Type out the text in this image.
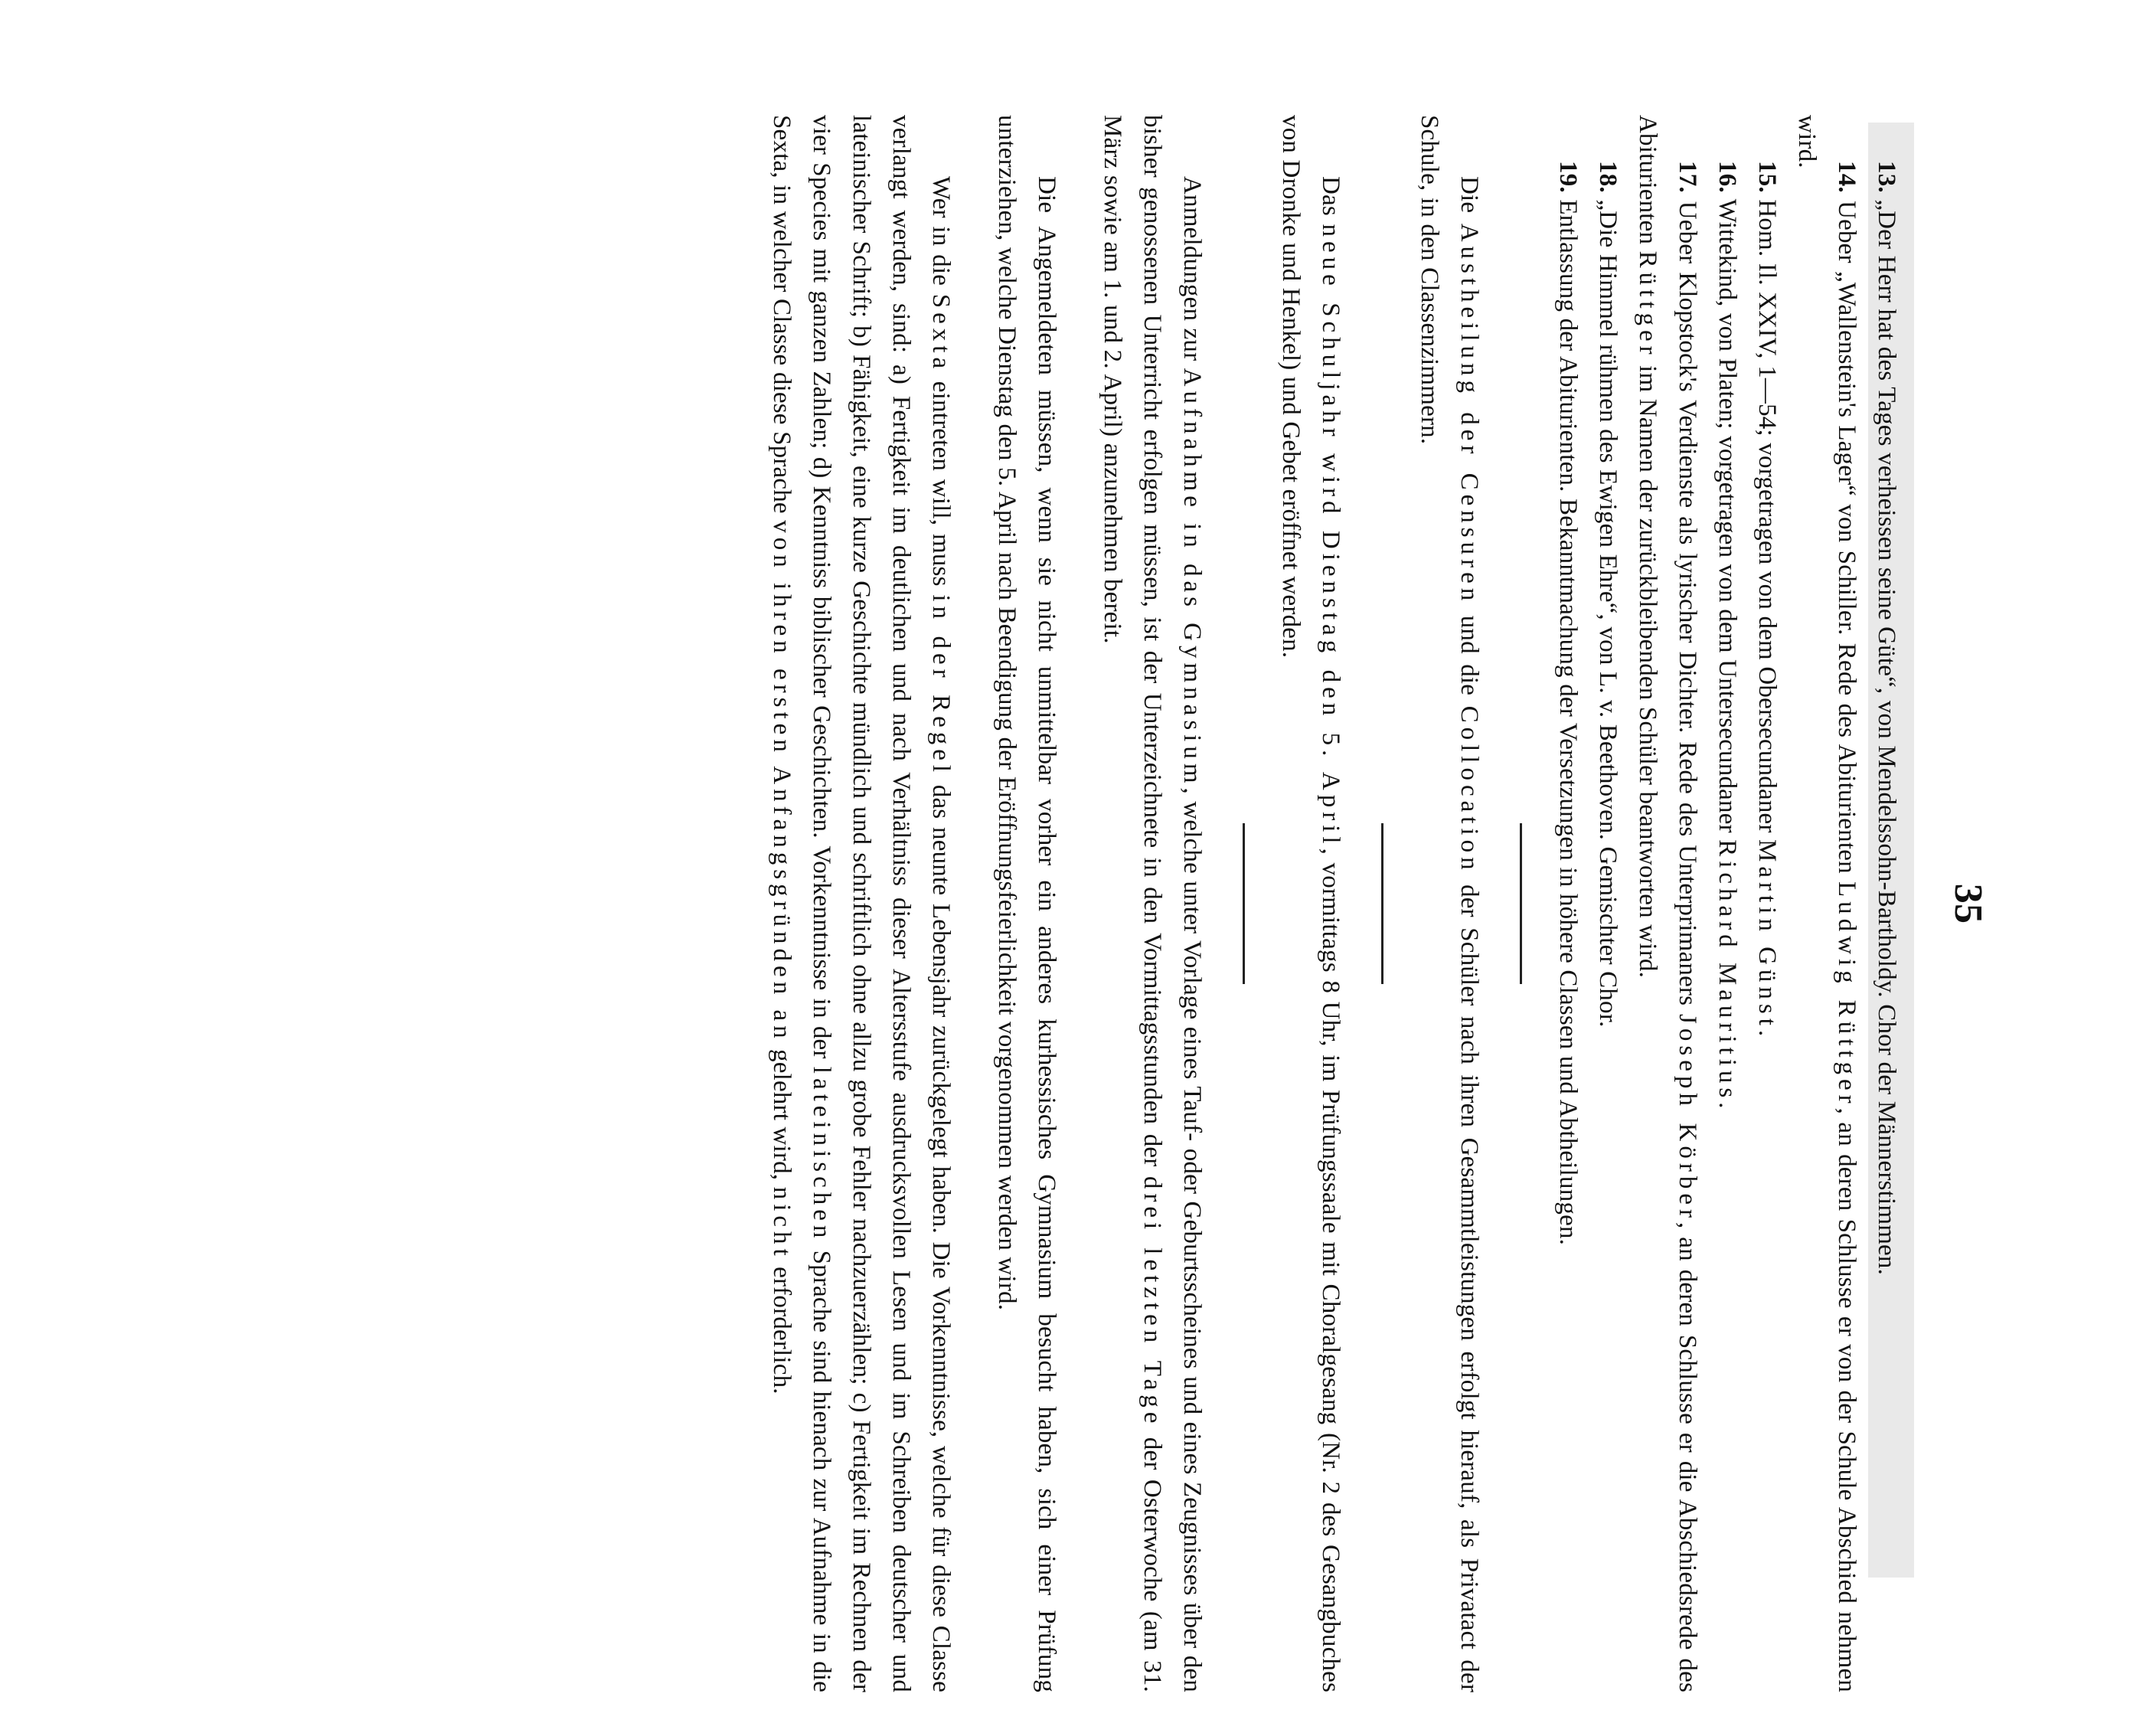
35

13. „Der Herr hat des Tages verheissen seine Güte“, von Mendelssohn-Bartholdy. Chor der Männerstimmen.

14. Ueber „Wallenstein's Lager“ von Schiller. Rede des Abiturienten Ludwig Rüttger, an deren Schlusse er von der Schule Abschied nehmen wird.

15. Hom. Il. XXIV, 1—54; vorgetragen von dem Obersecundaner Martin Günst.

16. Wittekind, von Platen; vorgetragen von dem Untersecundaner Richard Mauritius.

17. Ueber Klopstock's Verdienste als lyrischer Dichter. Rede des Unterprimaners Joseph Körber, an deren Schlusse er die Abschiedsrede des Abiturienten Rüttger im Namen der zurückbleibenden Schüler beantworten wird.

18. „Die Himmel rühmen des Ewigen Ehre“, von L. v. Beethoven. Gemischter Chor.

19. Entlassung der Abiturienten. Bekanntmachung der Versetzungen in höhere Classen und Abtheilungen.

Die Austheilung der Censuren und die Collocation der Schüler nach ihren Gesammtleistungen erfolgt hierauf, als Privatact der Schule, in den Classenzimmern.

Das neue Schuljahr wird Dienstag den 5. April, vormittags 8 Uhr, im Prüfungssaale mit Choralgesang (Nr. 2 des Gesangbuches von Dronke und Henkel) und Gebet eröffnet werden.

Anmeldungen zur Aufnahme in das Gymnasium, welche unter Vorlage eines Tauf- oder Geburtsscheines und eines Zeugnisses über den bisher genossenen Unterricht erfolgen müssen, ist der Unterzeichnete in den Vormittagsstunden der drei letzten Tage der Osterwoche (am 31. März sowie am 1. und 2. April) anzunehmen bereit.

Die Angemeldeten müssen, wenn sie nicht unmittelbar vorher ein anderes kurhessisches Gymnasium besucht haben, sich einer Prüfung unterziehen, welche Dienstag den 5. April nach Beendigung der Eröffnungsfeierlichkeit vorgenommen werden wird.

Wer in die Sexta eintreten will, muss in der Regel das neunte Lebensjahr zurückgelegt haben. Die Vorkenntnisse, welche für diese Classe verlangt werden, sind: a) Fertigkeit im deutlichen und nach Verhältniss dieser Altersstufe ausdrucksvollen Lesen und im Schreiben deutscher und lateinischer Schrift; b) Fähigkeit, eine kurze Geschichte mündlich und schriftlich ohne allzu grobe Fehler nachzuerzählen; c) Fertigkeit im Rechnen der vier Species mit ganzen Zahlen; d) Kenntniss biblischer Geschichten. Vorkenntnisse in der lateinischen Sprache sind hienach zur Aufnahme in die Sexta, in welcher Classe diese Sprache von ihren ersten Anfangsgründen an gelehrt wird, nicht erforderlich.
